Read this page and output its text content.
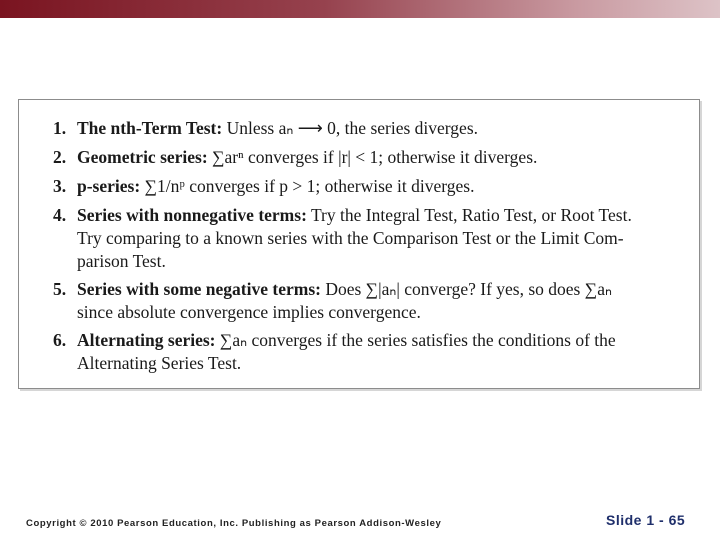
1. The nth-Term Test: Unless aₙ ⟶ 0, the series diverges.
2. Geometric series: ∑arⁿ converges if |r| < 1; otherwise it diverges.
3. p-series: ∑1/nᵖ converges if p > 1; otherwise it diverges.
4. Series with nonnegative terms: Try the Integral Test, Ratio Test, or Root Test.
Try comparing to a known series with the Comparison Test or the Limit Com-
parison Test.
5. Series with some negative terms: Does ∑|aₙ| converge? If yes, so does ∑aₙ
since absolute convergence implies convergence.
6. Alternating series: ∑aₙ converges if the series satisfies the conditions of the
Alternating Series Test.
Copyright © 2010 Pearson Education, Inc. Publishing as Pearson Addison-Wesley	Slide 1 - 65
